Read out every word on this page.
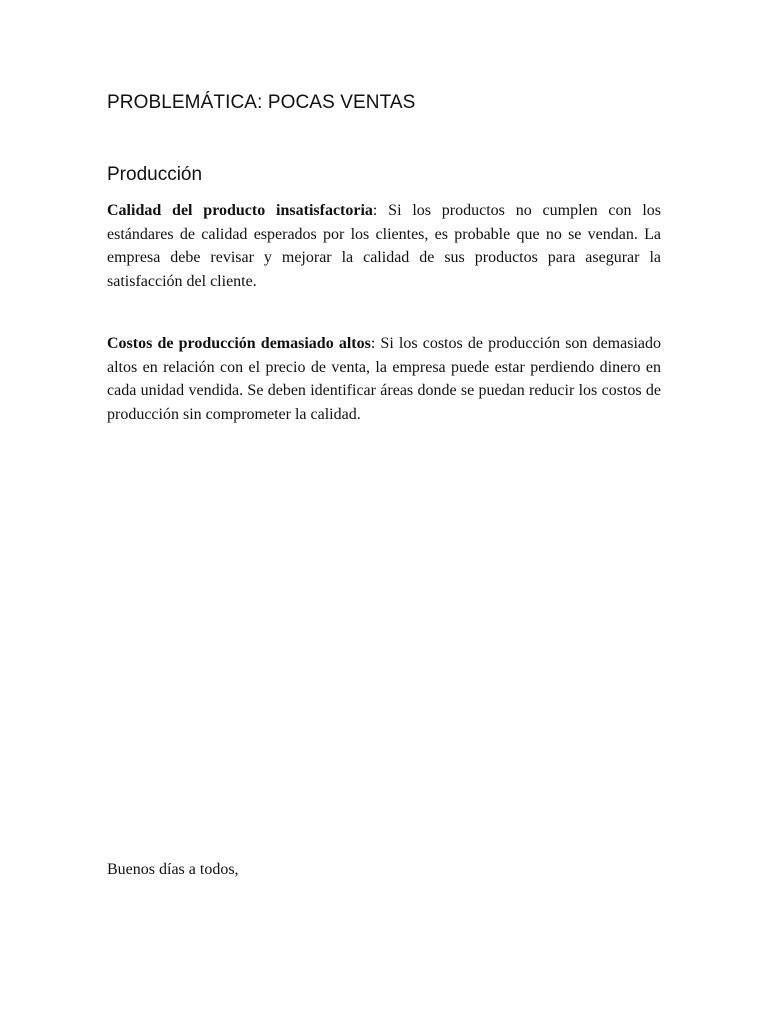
PROBLEMÁTICA: POCAS VENTAS
Producción

Calidad del producto insatisfactoria: Si los productos no cumplen con los estándares de calidad esperados por los clientes, es probable que no se vendan. La empresa debe revisar y mejorar la calidad de sus productos para asegurar la satisfacción del cliente.

Costos de producción demasiado altos: Si los costos de producción son demasiado altos en relación con el precio de venta, la empresa puede estar perdiendo dinero en cada unidad vendida. Se deben identificar áreas donde se puedan reducir los costos de producción sin comprometer la calidad.

Buenos días a todos,
